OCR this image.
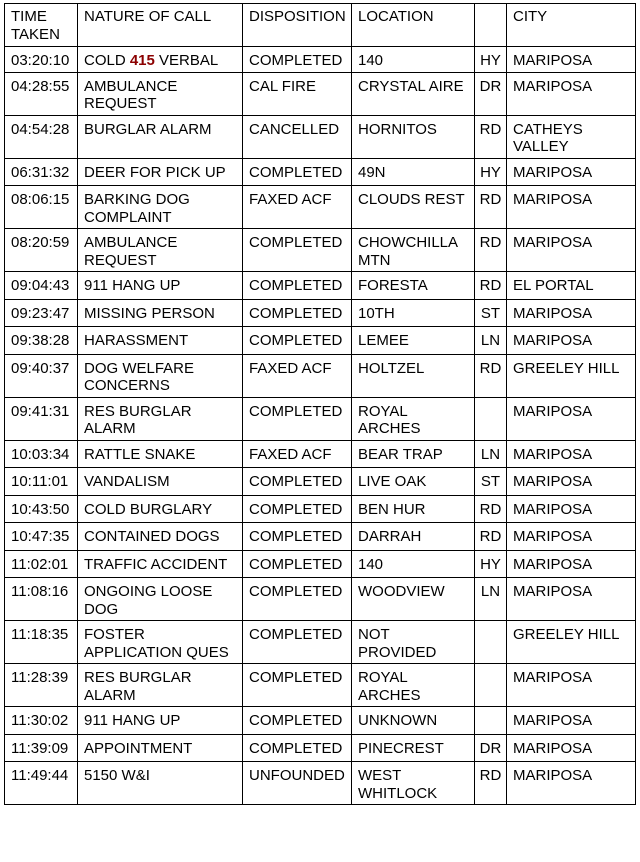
TIME TAKEN	NATURE OF CALL	DISPOSITION	LOCATION		CITY
03:20:10	COLD 415 VERBAL	COMPLETED	140	HY	MARIPOSA
04:28:55	AMBULANCE REQUEST	CAL FIRE	CRYSTAL AIRE	DR	MARIPOSA
04:54:28	BURGLAR ALARM	CANCELLED	HORNITOS	RD	CATHEYS VALLEY
06:31:32	DEER FOR PICK UP	COMPLETED	49N	HY	MARIPOSA
08:06:15	BARKING DOG COMPLAINT	FAXED ACF	CLOUDS REST	RD	MARIPOSA
08:20:59	AMBULANCE REQUEST	COMPLETED	CHOWCHILLA MTN	RD	MARIPOSA
09:04:43	911 HANG UP	COMPLETED	FORESTA	RD	EL PORTAL
09:23:47	MISSING PERSON	COMPLETED	10TH	ST	MARIPOSA
09:38:28	HARASSMENT	COMPLETED	LEMEE	LN	MARIPOSA
09:40:37	DOG WELFARE CONCERNS	FAXED ACF	HOLTZEL	RD	GREELEY HILL
09:41:31	RES BURGLAR ALARM	COMPLETED	ROYAL ARCHES		MARIPOSA
10:03:34	RATTLE SNAKE	FAXED ACF	BEAR TRAP	LN	MARIPOSA
10:11:01	VANDALISM	COMPLETED	LIVE OAK	ST	MARIPOSA
10:43:50	COLD BURGLARY	COMPLETED	BEN HUR	RD	MARIPOSA
10:47:35	CONTAINED DOGS	COMPLETED	DARRAH	RD	MARIPOSA
11:02:01	TRAFFIC ACCIDENT	COMPLETED	140	HY	MARIPOSA
11:08:16	ONGOING LOOSE DOG	COMPLETED	WOODVIEW	LN	MARIPOSA
11:18:35	FOSTER APPLICATION QUES	COMPLETED	NOT PROVIDED		GREELEY HILL
11:28:39	RES BURGLAR ALARM	COMPLETED	ROYAL ARCHES		MARIPOSA
11:30:02	911 HANG UP	COMPLETED	UNKNOWN		MARIPOSA
11:39:09	APPOINTMENT	COMPLETED	PINECREST	DR	MARIPOSA
11:49:44	5150 W&I	UNFOUNDED	WEST WHITLOCK	RD	MARIPOSA
